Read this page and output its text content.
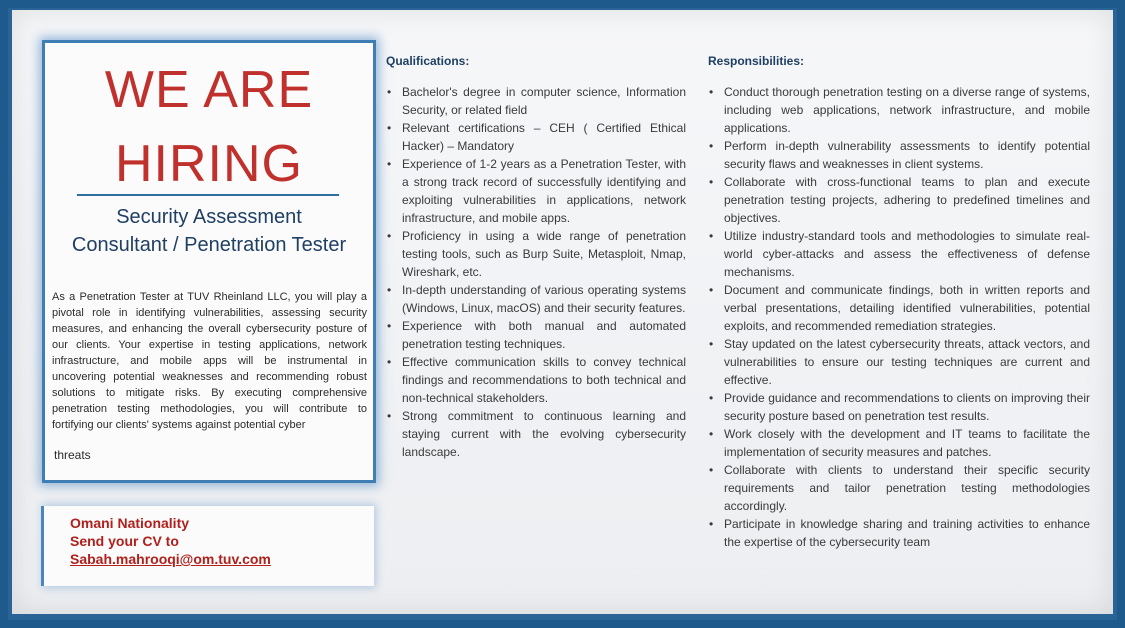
WE ARE
HIRING
Security Assessment
Consultant / Penetration Tester
As a Penetration Tester at TUV Rheinland LLC, you will play a pivotal role in identifying vulnerabilities, assessing security measures, and enhancing the overall cybersecurity posture of our clients. Your expertise in testing applications, network infrastructure, and mobile apps will be instrumental in uncovering potential weaknesses and recommending robust solutions to mitigate risks. By executing comprehensive penetration testing methodologies, you will contribute to fortifying our clients' systems against potential cyber
threats
Omani Nationality
Send your CV to
Sabah.mahrooqi@om.tuv.com
Qualifications:
• Bachelor's degree in computer science, Information Security, or related field
• Relevant certifications – CEH ( Certified Ethical Hacker) – Mandatory
• Experience of 1-2 years as a Penetration Tester, with a strong track record of successfully identifying and exploiting vulnerabilities in applications, network infrastructure, and mobile apps.
• Proficiency in using a wide range of penetration testing tools, such as Burp Suite, Metasploit, Nmap, Wireshark, etc.
• In-depth understanding of various operating systems (Windows, Linux, macOS) and their security features.
• Experience with both manual and automated penetration testing techniques.
• Effective communication skills to convey technical findings and recommendations to both technical and non-technical stakeholders.
• Strong commitment to continuous learning and staying current with the evolving cybersecurity landscape.
Responsibilities:
• Conduct thorough penetration testing on a diverse range of systems, including web applications, network infrastructure, and mobile applications.
• Perform in-depth vulnerability assessments to identify potential security flaws and weaknesses in client systems.
• Collaborate with cross-functional teams to plan and execute penetration testing projects, adhering to predefined timelines and objectives.
• Utilize industry-standard tools and methodologies to simulate real-world cyber-attacks and assess the effectiveness of defense mechanisms.
• Document and communicate findings, both in written reports and verbal presentations, detailing identified vulnerabilities, potential exploits, and recommended remediation strategies.
• Stay updated on the latest cybersecurity threats, attack vectors, and vulnerabilities to ensure our testing techniques are current and effective.
• Provide guidance and recommendations to clients on improving their security posture based on penetration test results.
• Work closely with the development and IT teams to facilitate the implementation of security measures and patches.
• Collaborate with clients to understand their specific security requirements and tailor penetration testing methodologies accordingly.
• Participate in knowledge sharing and training activities to enhance the expertise of the cybersecurity team
